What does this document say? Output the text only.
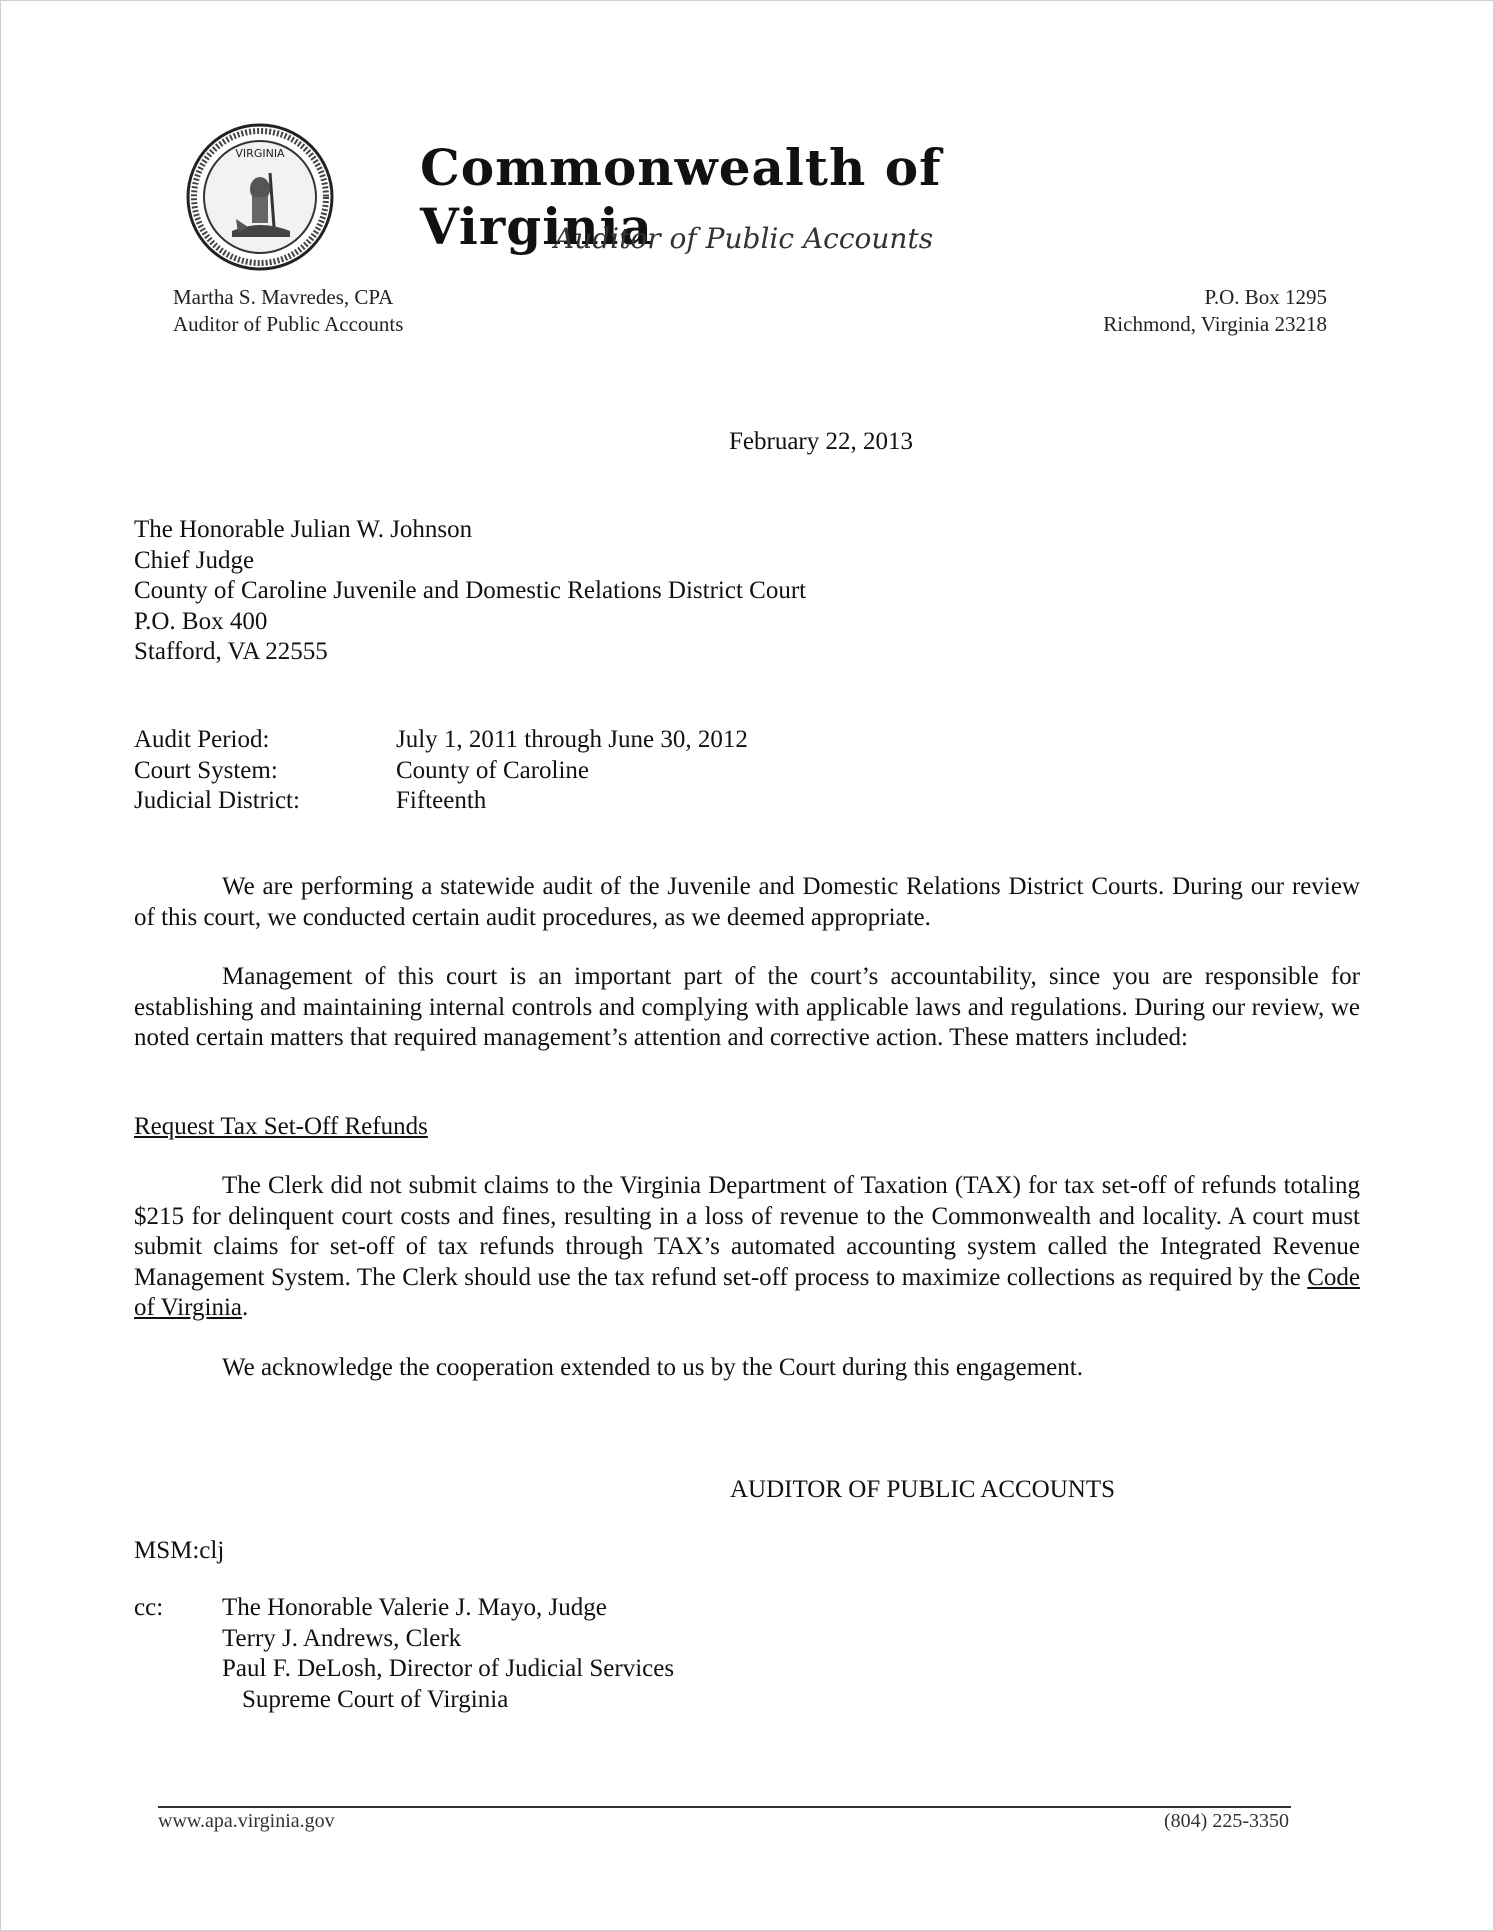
VIRGINIA	Commonwealth of Virginia
Auditor of Public Accounts
Martha S. Mavredes, CPA
Auditor of Public Accounts
P.O. Box 1295
Richmond, Virginia 23218
February 22, 2013
The Honorable Julian W. Johnson
Chief Judge
County of Caroline Juvenile and Domestic Relations District Court
P.O. Box 400
Stafford, VA 22555
Audit Period:	July 1, 2011 through June 30, 2012
Court System:	County of Caroline
Judicial District:	Fifteenth
We are performing a statewide audit of the Juvenile and Domestic Relations District Courts. During our review of this court, we conducted certain audit procedures, as we deemed appropriate.
Management of this court is an important part of the court’s accountability, since you are responsible for establishing and maintaining internal controls and complying with applicable laws and regulations. During our review, we noted certain matters that required management’s attention and corrective action. These matters included:
Request Tax Set-Off Refunds
The Clerk did not submit claims to the Virginia Department of Taxation (TAX) for tax set-off of refunds totaling $215 for delinquent court costs and fines, resulting in a loss of revenue to the Commonwealth and locality. A court must submit claims for set-off of tax refunds through TAX’s automated accounting system called the Integrated Revenue Management System. The Clerk should use the tax refund set-off process to maximize collections as required by the Code of Virginia.
We acknowledge the cooperation extended to us by the Court during this engagement.
AUDITOR OF PUBLIC ACCOUNTS
MSM:clj
cc:	The Honorable Valerie J. Mayo, Judge
Terry J. Andrews, Clerk
Paul F. DeLosh, Director of Judicial Services
Supreme Court of Virginia
www.apa.virginia.gov	(804) 225-3350
